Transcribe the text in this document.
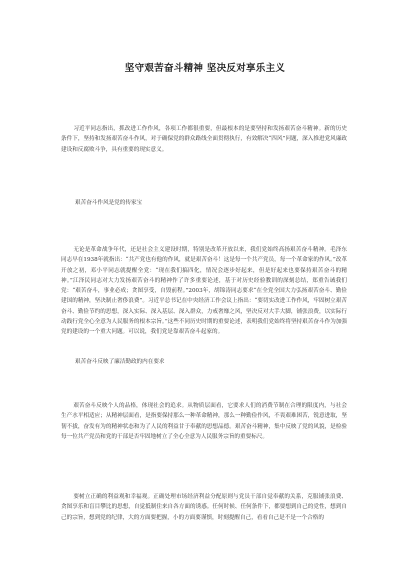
坚守艰苦奋斗精神 坚决反对享乐主义
习近平同志指出，抓改进工作作风，各项工作都很重要，但最根本的是要坚持和发扬艰苦奋斗精神。新的历史条件下，坚持和发扬艰苦奋斗作风，对于确保党的群众路线全面贯彻执行，有效解决“四风”问题，深入推进党风廉政建设和反腐败斗争，具有重要的现实意义。
艰苦奋斗作风是党的传家宝
无论是革命战争年代，还是社会主义建设时期，特别是改革开放以来，我们党始终高扬艰苦奋斗精神。毛泽东同志早在1938年就指出：“共产党也有他的作风，就是艰苦奋斗！这是每一个共产党员，每一个革命家的作风。”改革开放之初，邓小平同志就提醒全党：“现在我们搞四化，情况会逐步好起来，但是好起来也要保持艰苦奋斗的精神。”江泽民同志对大力发扬艰苦奋斗的精神作了许多重要论述，基于对历史经验教训的深刻总结，郑重告诫我们党：“艰苦奋斗，事业必成；贪图享受，自毁前程。”2003年，胡锦涛同志要求“在全党全国大力弘扬艰苦奋斗、勤俭建国的精神，坚决制止奢侈浪费”。习近平总书记在中央经济工作会议上指出：“要切实改进工作作风，牢固树立艰苦奋斗、勤俭节约的思想，深入实际、深入基层、深入群众，力戒奢靡之风，坚决反对大手大脚，铺张浪费，以实际行动践行党全心全意为人民服务的根本宗旨。”这些不同历史时期的重要论述，表明我们党始终将坚持艰苦奋斗作为加强党的建设的一个重大问题。可以说，我们党是靠艰苦奋斗起家的。
艰苦奋斗反映了廉洁勤政的内在要求
艰苦奋斗反映个人的品格，体现社会的追求。从物质层面看，它要求人们的消费节制在合理的限度内，与社会生产水平相适应；从精神层面看，是指要保持那么一种革命精神，那么一种勤俭作风，不畏艰难困苦，锐意进取，坚韧不拔，奋发有为的精神状态和为了人民的利益甘于奉献的思想品德。艰苦奋斗精神，集中反映了党的风貌，是检验每一位共产党员和党的干部是否牢固地树立了全心全意为人民服务宗旨的重要标尺。
要树立正确的利益观和幸福观。正确处理市场经济利益分配原则与党员干部自觉奉献的关系，克服铺张浪费、贪图享乐和盲目攀比的思想，自觉抵制住来自各方面的诱惑。任何时候、任何条件下，都要想到自己的党性，想到自己的宗旨，想到党的纪律，大的方面要把握，小的方面要谨慎，时刻提醒自己，看看自己是不是一个合格的
